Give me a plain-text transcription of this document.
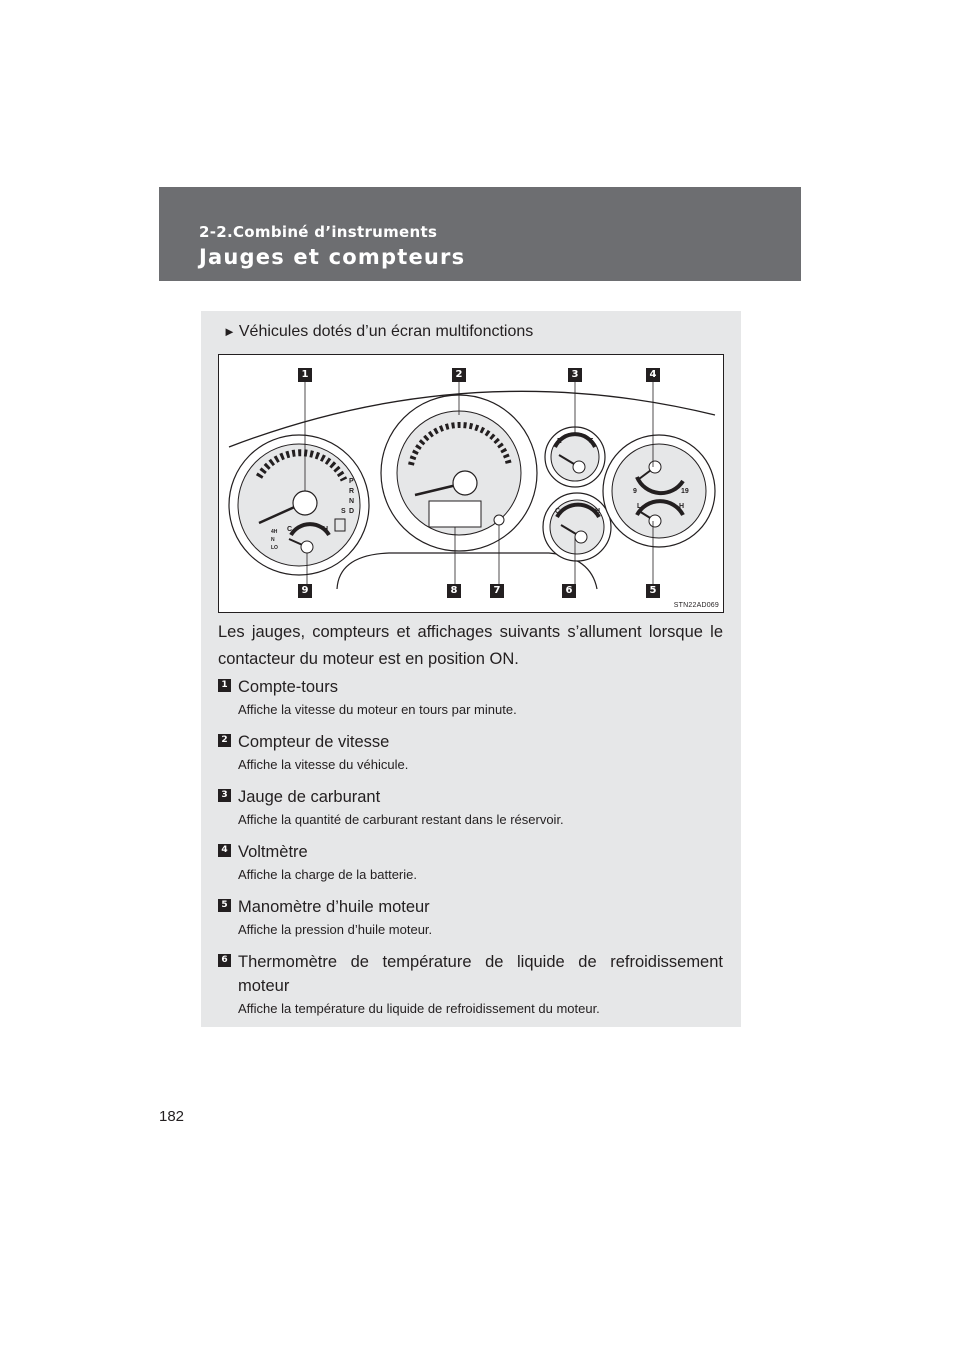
2-2.Combiné d’instruments
Jauges et compteurs
► Véhicules dotés d’un écran multifonctions
P
R
N
D
S
4H
N
LO
C	H
E	F
C	H
9	19
L	H
1	2	3	4
5
6
7
8
9
STN22AD069
Les jauges, compteurs et affichages suivants s’allument lorsque le contacteur du moteur est en position ON.
1 Compte-tours
Affiche la vitesse du moteur en tours par minute.
2 Compteur de vitesse
Affiche la vitesse du véhicule.
3 Jauge de carburant
Affiche la quantité de carburant restant dans le réservoir.
4 Voltmètre
Affiche la charge de la batterie.
5 Manomètre d’huile moteur
Affiche la pression d’huile moteur.
6 Thermomètre de température de liquide de refroidissement moteur
Affiche la température du liquide de refroidissement du moteur.
182
